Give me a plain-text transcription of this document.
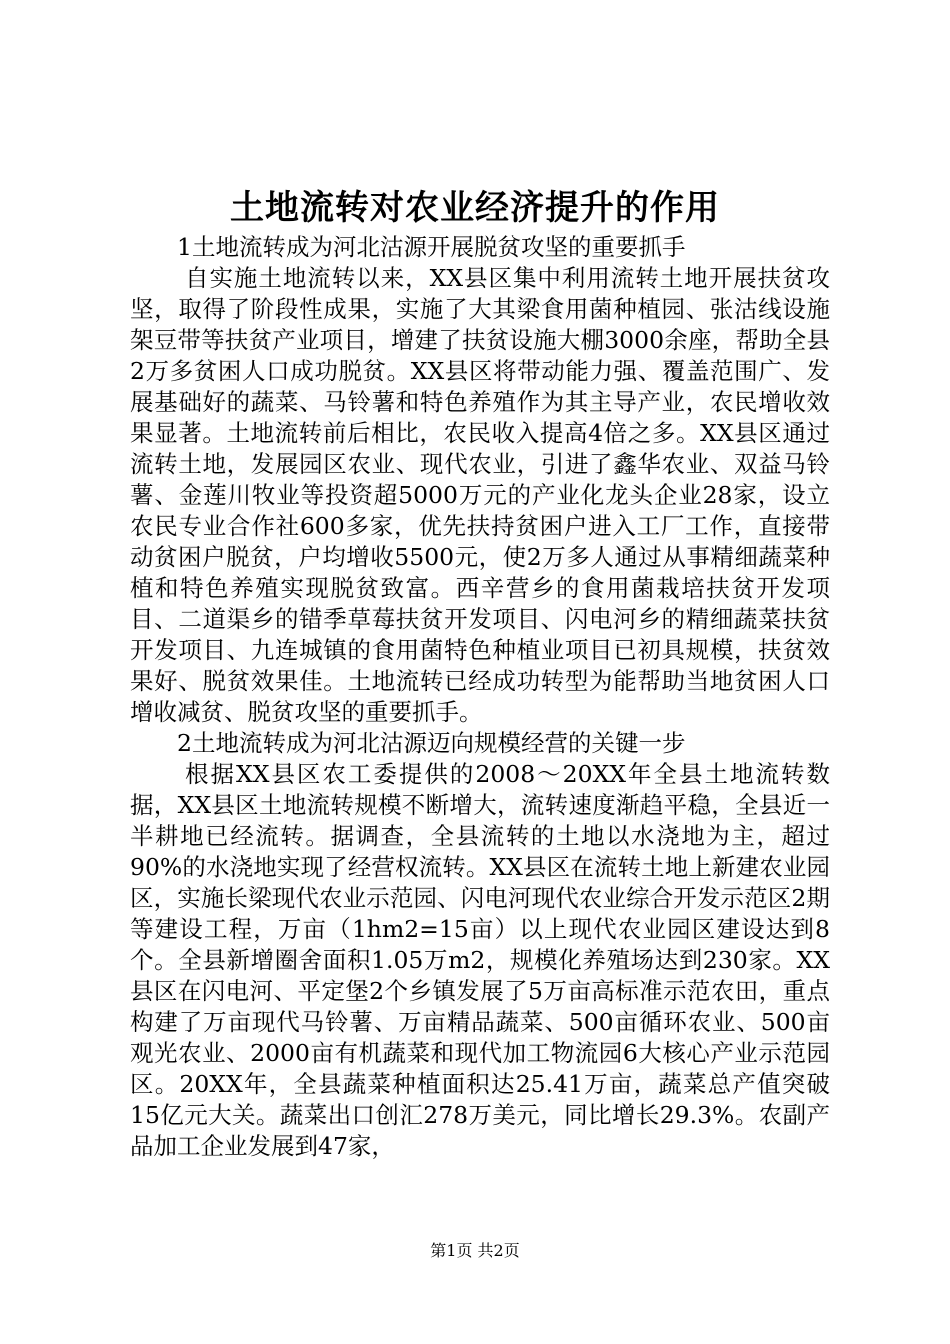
土地流转对农业经济提升的作用

1土地流转成为河北沽源开展脱贫攻坚的重要抓手

自实施土地流转以来，XX县区集中利用流转土地开展扶贫攻坚，取得了阶段性成果，实施了大其梁食用菌种植园、张沽线设施架豆带等扶贫产业项目，增建了扶贫设施大棚3000余座，帮助全县2万多贫困人口成功脱贫。XX县区将带动能力强、覆盖范围广、发展基础好的蔬菜、马铃薯和特色养殖作为其主导产业，农民增收效果显著。土地流转前后相比，农民收入提高4倍之多。XX县区通过流转土地，发展园区农业、现代农业，引进了鑫华农业、双益马铃薯、金莲川牧业等投资超5000万元的产业化龙头企业28家，设立农民专业合作社600多家，优先扶持贫困户进入工厂工作，直接带动贫困户脱贫，户均增收5500元，使2万多人通过从事精细蔬菜种植和特色养殖实现脱贫致富。西辛营乡的食用菌栽培扶贫开发项目、二道渠乡的错季草莓扶贫开发项目、闪电河乡的精细蔬菜扶贫开发项目、九连城镇的食用菌特色种植业项目已初具规模，扶贫效果好、脱贫效果佳。土地流转已经成功转型为能帮助当地贫困人口增收减贫、脱贫攻坚的重要抓手。

2土地流转成为河北沽源迈向规模经营的关键一步

根据XX县区农工委提供的2008～20XX年全县土地流转数据，XX县区土地流转规模不断增大，流转速度渐趋平稳，全县近一半耕地已经流转。据调查，全县流转的土地以水浇地为主，超过90%的水浇地实现了经营权流转。XX县区在流转土地上新建农业园区，实施长梁现代农业示范园、闪电河现代农业综合开发示范区2期等建设工程，万亩（1hm2=15亩）以上现代农业园区建设达到8个。全县新增圈舍面积1.05万m2，规模化养殖场达到230家。XX县区在闪电河、平定堡2个乡镇发展了5万亩高标准示范农田，重点构建了万亩现代马铃薯、万亩精品蔬菜、500亩循环农业、500亩观光农业、2000亩有机蔬菜和现代加工物流园6大核心产业示范园区。20XX年，全县蔬菜种植面积达25.41万亩，蔬菜总产值突破15亿元大关。蔬菜出口创汇278万美元，同比增长29.3%。农副产品加工企业发展到47家，

第1页 共2页
